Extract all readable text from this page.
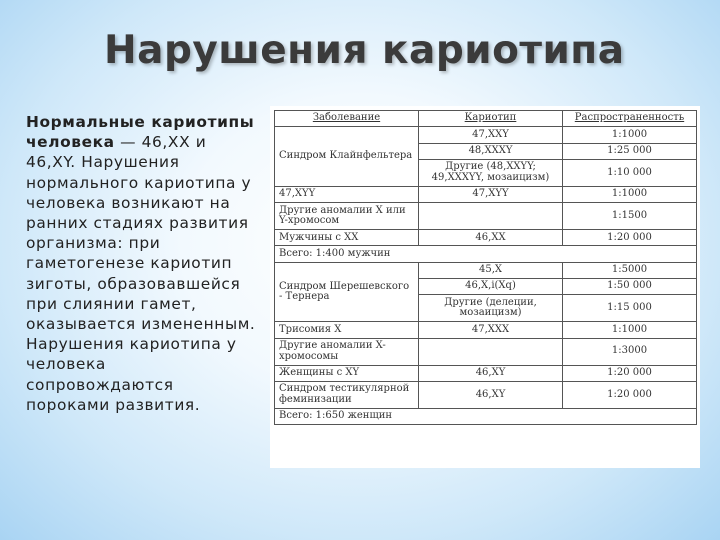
Нарушения кариотипа
Нормальные кариотипы человека — 46,XX и 46,XY. Нарушения нормального кариотипа у человека возникают на ранних стадиях развития организма: при гаметогенезе кариотип зиготы, образовавшейся при слиянии гамет, оказывается измененным. Нарушения кариотипа у человека сопровождаются пороками развития.
Заболевание	Кариотип	Распространенность
Синдром Клайнфельтера	47,XXY	1:1000
	48,XXXY	1:25 000
	Другие (48,XXYY; 49,XXXYY, мозаицизм)	1:10 000
47,XYY	47,XYY	1:1000
Другие аномалии X или Y-хромосом		1:1500
Мужчины с XX	46,XX	1:20 000
Всего: 1:400 мужчин		
Синдром Шерешевского - Тернера	45,X	1:5000
	46,X,i(Xq)	1:50 000
	Другие (делеции, мозаицизм)	1:15 000
Трисомия X	47,XXX	1:1000
Другие аномалии X-хромосомы		1:3000
Женщины с XY	46,XY	1:20 000
Синдром тестикулярной феминизации	46,XY	1:20 000
Всего: 1:650 женщин		
